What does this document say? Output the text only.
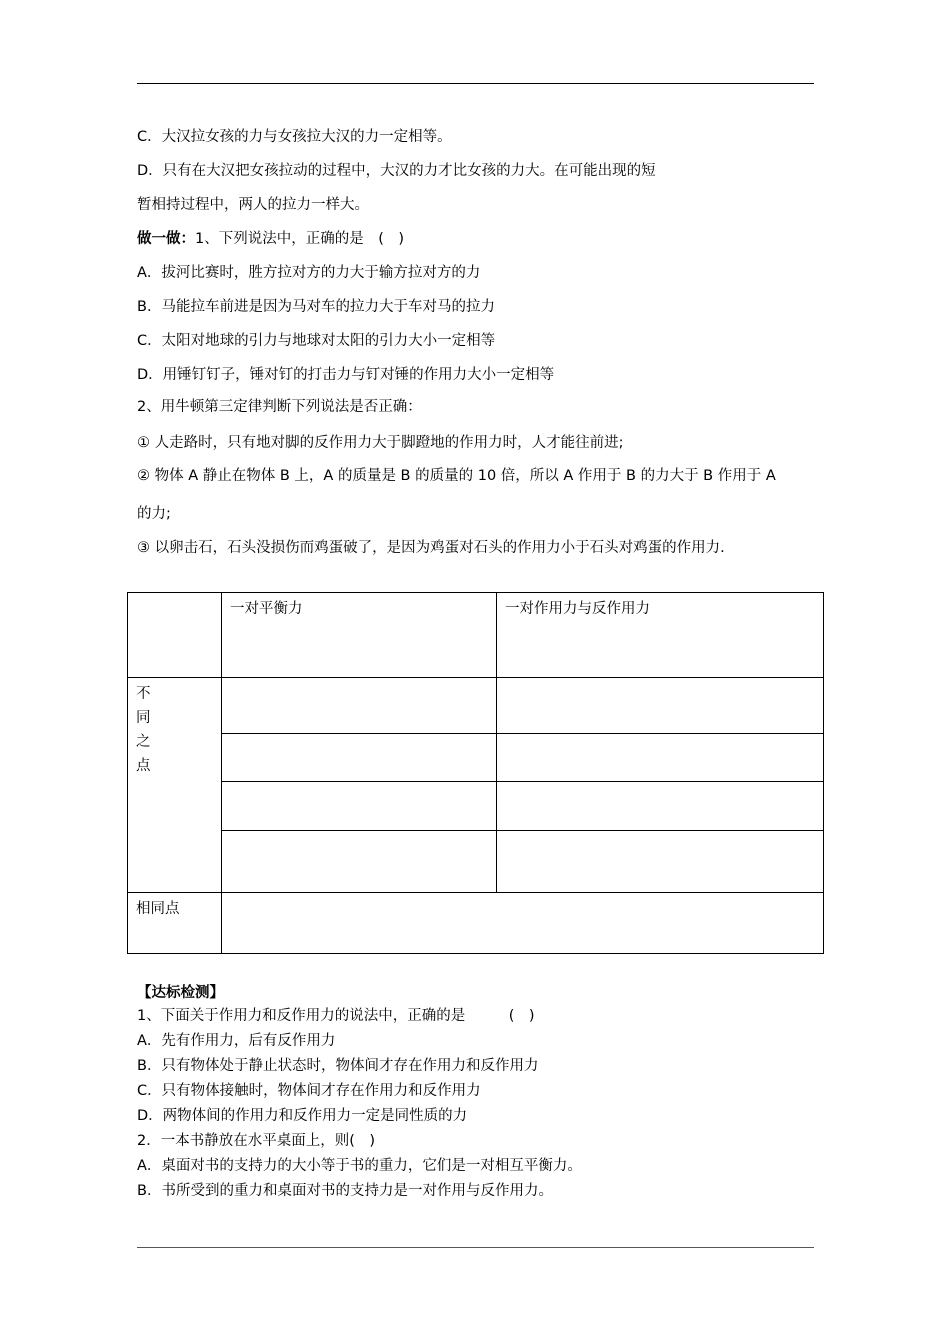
C．大汉拉女孩的力与女孩拉大汉的力一定相等。
D．只有在大汉把女孩拉动的过程中，大汉的力才比女孩的力大。在可能出现的短
暂相持过程中，两人的拉力一样大。
做一做：1、下列说法中，正确的是　(　)
A．拔河比赛时，胜方拉对方的力大于输方拉对方的力
B．马能拉车前进是因为马对车的拉力大于车对马的拉力
C．太阳对地球的引力与地球对太阳的引力大小一定相等
D．用锤钉钉子，锤对钉的打击力与钉对锤的作用力大小一定相等
2、用牛顿第三定律判断下列说法是否正确：
① 人走路时，只有地对脚的反作用力大于脚蹬地的作用力时，人才能往前进;
② 物体 A 静止在物体 B 上，A 的质量是 B 的质量的 10 倍，所以 A 作用于 B 的力大于 B 作用于 A
的力;
③ 以卵击石，石头没损伤而鸡蛋破了，是因为鸡蛋对石头的作用力小于石头对鸡蛋的作用力.
	一对平衡力	一对作用力与反作用力

不
同
之
点		

相同点		
【达标检测】
1、下面关于作用力和反作用力的说法中，正确的是　　　(　)
A．先有作用力，后有反作用力
B．只有物体处于静止状态时，物体间才存在作用力和反作用力
C．只有物体接触时，物体间才存在作用力和反作用力
D．两物体间的作用力和反作用力一定是同性质的力
2．一本书静放在水平桌面上，则(　)
A．桌面对书的支持力的大小等于书的重力，它们是一对相互平衡力。
B．书所受到的重力和桌面对书的支持力是一对作用与反作用力。
